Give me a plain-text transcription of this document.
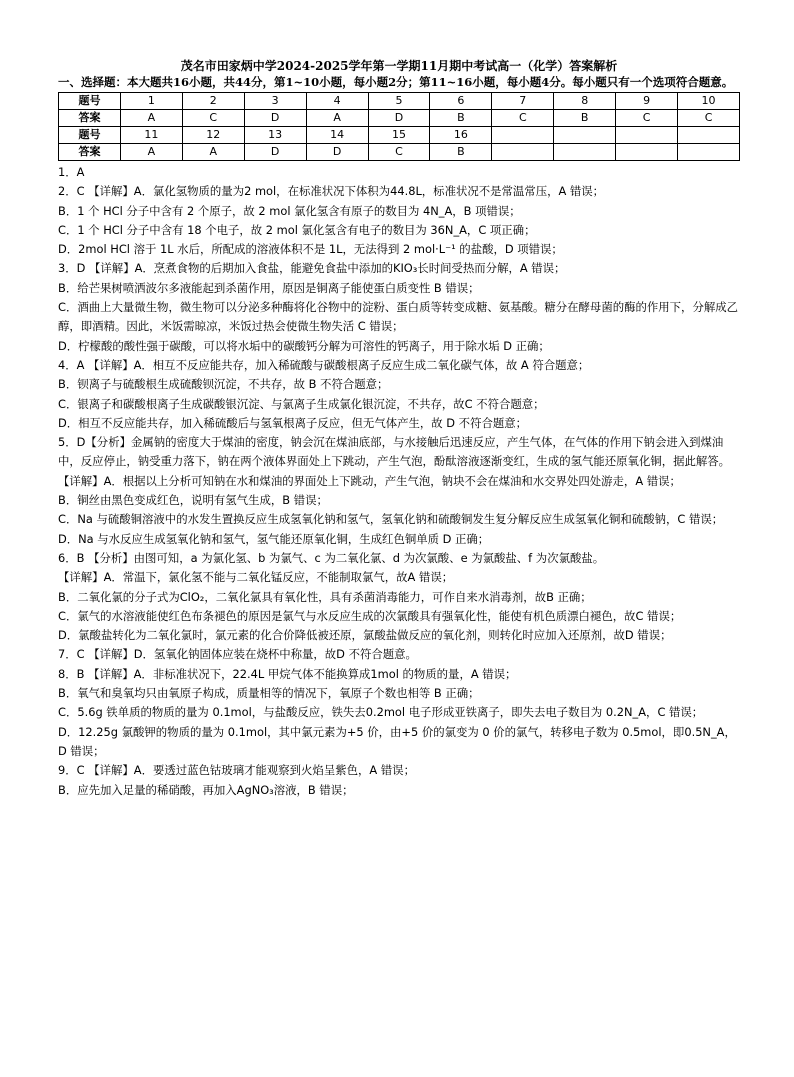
茂名市田家炳中学2024-2025学年第一学期11月期中考试高一（化学）答案解析

一、选择题：本大题共16小题，共44分，第1~10小题，每小题2分；第11~16小题，每小题4分。每小题只有一个选项符合题意。

题号	1	2	3	4	5	6	7	8	9	10
答案	A	C	D	A	D	B	C	B	C	C
题号	11	12	13	14	15	16				
答案	A	A	D	D	C	B				

1．A

2．C 【详解】A．氯化氢物质的量为2 mol，在标准状况下体积为44.8L，标准状况不是常温常压，A 错误；

B．1 个 HCl 分子中含有 2 个原子，故 2 mol 氯化氢含有原子的数目为 4N_A，B 项错误；

C．1 个 HCl 分子中含有 18 个电子，故 2 mol 氯化氢含有电子的数目为 36N_A，C 项正确；

D．2mol HCl 溶于 1L 水后，所配成的溶液体积不是 1L，无法得到 2 mol·L⁻¹ 的盐酸，D 项错误；

3．D 【详解】A．烹煮食物的后期加入食盐，能避免食盐中添加的KIO₃长时间受热而分解，A 错误；

B．给芒果树喷洒波尔多液能起到杀菌作用，原因是铜离子能使蛋白质变性 B 错误；

C．酒曲上大量微生物，微生物可以分泌多种酶将化谷物中的淀粉、蛋白质等转变成糖、氨基酸。糖分在酵母菌的酶的作用下，分解成乙醇，即酒精。因此，米饭需晾凉，米饭过热会使微生物失活 C 错误；

D．柠檬酸的酸性强于碳酸，可以将水垢中的碳酸钙分解为可溶性的钙离子，用于除水垢 D 正确；

4．A 【详解】A．相互不反应能共存，加入稀硫酸与碳酸根离子反应生成二氧化碳气体，故 A 符合题意；

B．钡离子与硫酸根生成硫酸钡沉淀，不共存，故 B 不符合题意；

C．银离子和碳酸根离子生成碳酸银沉淀、与氯离子生成氯化银沉淀，不共存，故C 不符合题意；

D．相互不反应能共存，加入稀硫酸后与氢氧根离子反应，但无气体产生，故 D 不符合题意；

5．D【分析】金属钠的密度大于煤油的密度，钠会沉在煤油底部，与水接触后迅速反应，产生气体，在气体的作用下钠会进入到煤油中，反应停止，钠受重力落下，钠在两个液体界面处上下跳动，产生气泡，酚酞溶液逐渐变红，生成的氢气能还原氧化铜，据此解答。

【详解】A．根据以上分析可知钠在水和煤油的界面处上下跳动，产生气泡，钠块不会在煤油和水交界处四处游走，A 错误；

B．铜丝由黑色变成红色，说明有氢气生成，B 错误；

C．Na 与硫酸铜溶液中的水发生置换反应生成氢氧化钠和氢气，氢氧化钠和硫酸铜发生复分解反应生成氢氧化铜和硫酸钠，C 错误；

D．Na 与水反应生成氢氧化钠和氢气，氢气能还原氧化铜，生成红色铜单质 D 正确；

6．B 【分析】由图可知，a 为氯化氢、b 为氯气、c 为二氧化氯、d 为次氯酸、e 为氯酸盐、f 为次氯酸盐。

【详解】A．常温下，氯化氢不能与二氧化锰反应，不能制取氯气，故A 错误；

B．二氧化氯的分子式为ClO₂，二氧化氯具有氧化性，具有杀菌消毒能力，可作自来水消毒剂，故B 正确；

C．氯气的水溶液能使红色布条褪色的原因是氯气与水反应生成的次氯酸具有强氧化性，能使有机色质漂白褪色，故C 错误；

D．氯酸盐转化为二氧化氯时，氯元素的化合价降低被还原，氯酸盐做反应的氧化剂，则转化时应加入还原剂，故D 错误；

7．C 【详解】D．氢氧化钠固体应装在烧杯中称量，故D 不符合题意。

8．B 【详解】A．非标准状况下，22.4L 甲烷气体不能换算成1mol 的物质的量，A 错误；

B．氧气和臭氧均只由氧原子构成，质量相等的情况下，氧原子个数也相等 B 正确；

C．5.6g 铁单质的物质的量为 0.1mol，与盐酸反应，铁失去0.2mol 电子形成亚铁离子，即失去电子数目为 0.2N_A，C 错误；

D．12.25g 氯酸钾的物质的量为 0.1mol，其中氯元素为+5 价，由+5 价的氯变为 0 价的氯气，转移电子数为 0.5mol，即0.5N_A，D 错误；

9．C 【详解】A．要透过蓝色钴玻璃才能观察到火焰呈紫色，A 错误；

B．应先加入足量的稀硝酸，再加入AgNO₃溶液，B 错误；
